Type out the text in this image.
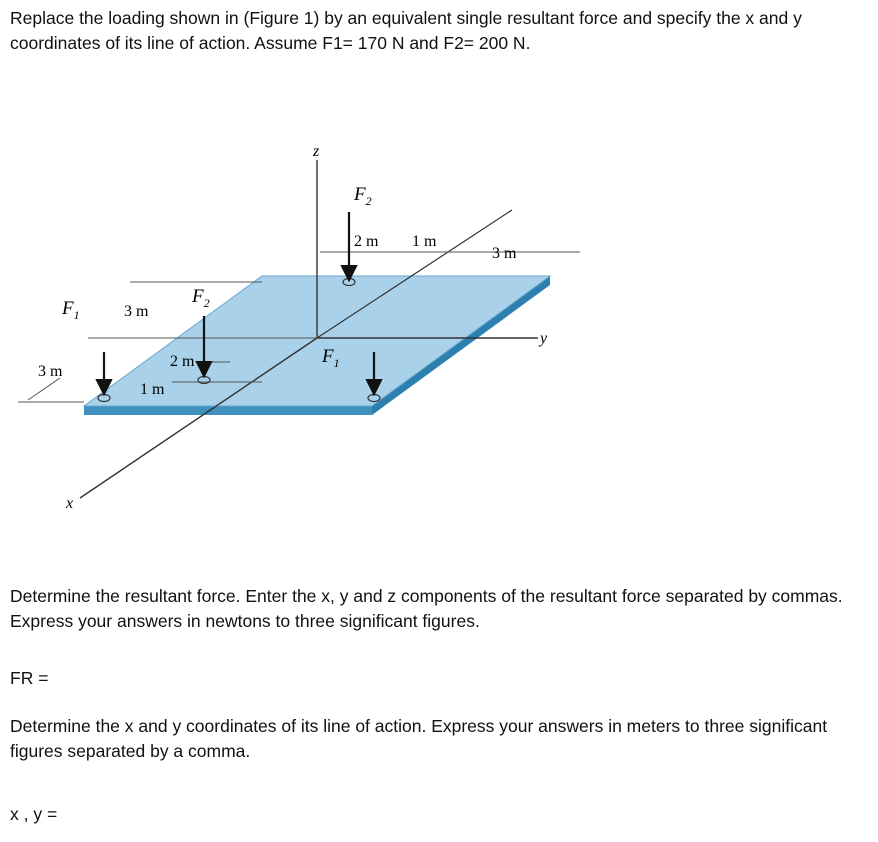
Replace the loading shown in (Figure 1) by an equivalent single resultant force and specify the x and y coordinates of its line of action. Assume F1= 170 N and F2= 200 N.
z
y
x
$F_2$
$F_1$
$F_2$
$F_1$
2 m 1 m
3 m
3 m
3 m
2 m
1 m
Determine the resultant force. Enter the x, y and z components of the resultant force separated by commas. Express your answers in newtons to three significant figures.
FR =
Determine the x and y coordinates of its line of action. Express your answers in meters to three significant figures separated by a comma.
x , y =
